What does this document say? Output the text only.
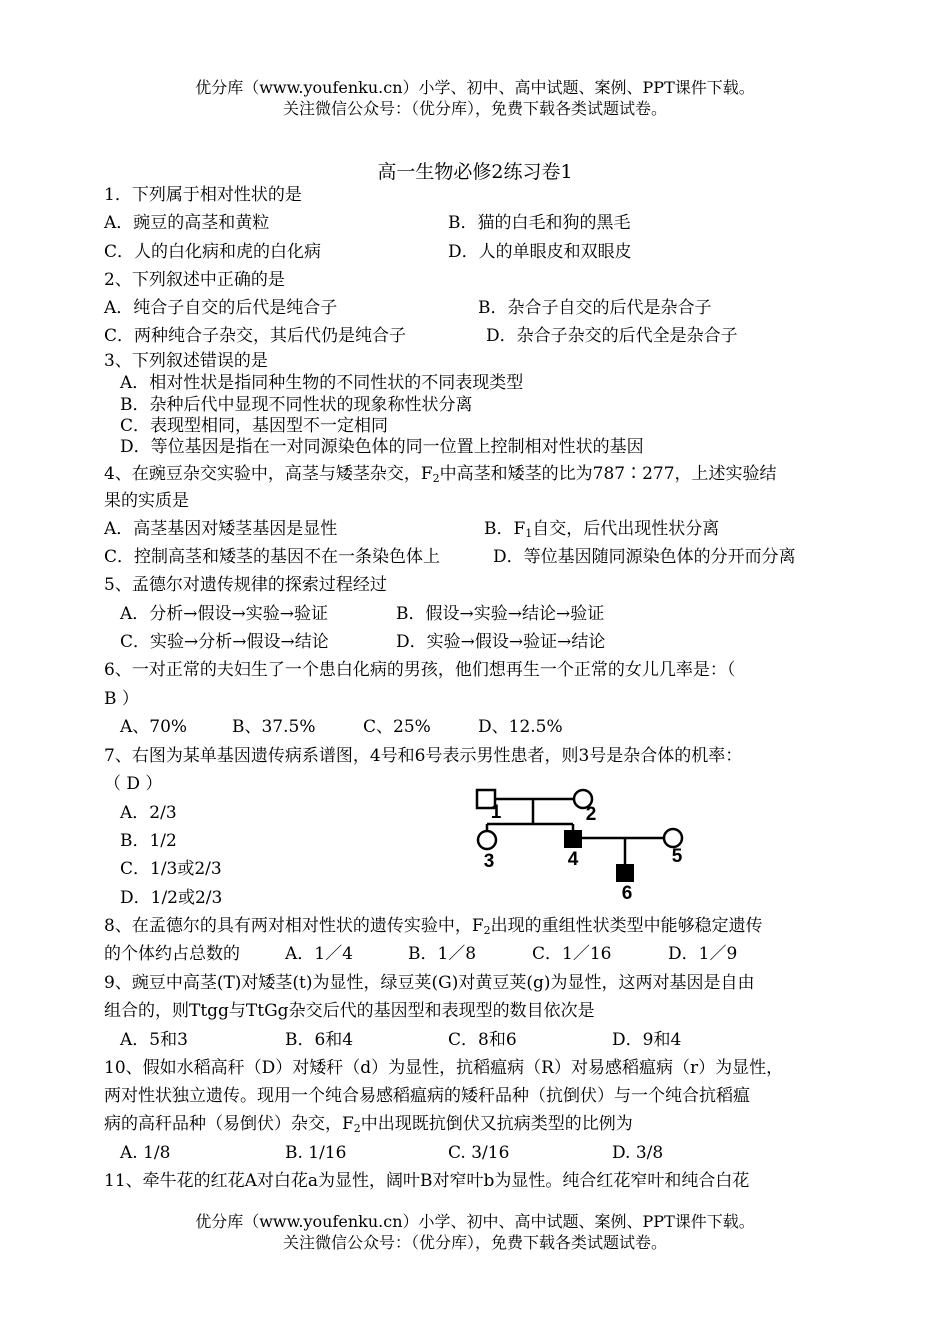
优分库（www.youfenku.cn）小学、初中、高中试题、案例、PPT课件下载。
关注微信公众号：（优分库），免费下载各类试题试卷。
高一生物必修2练习卷1
1．下列属于相对性状的是
A．豌豆的高茎和黄粒	B．猫的白毛和狗的黑毛
C．人的白化病和虎的白化病	D．人的单眼皮和双眼皮
2、下列叙述中正确的是
A．纯合子自交的后代是纯合子	B．杂合子自交的后代是杂合子
C．两种纯合子杂交，其后代仍是纯合子	D．杂合子杂交的后代全是杂合子
3、下列叙述错误的是
A．相对性状是指同种生物的不同性状的不同表现类型
B．杂种后代中显现不同性状的现象称性状分离
C．表现型相同，基因型不一定相同
D．等位基因是指在一对同源染色体的同一位置上控制相对性状的基因
4、在豌豆杂交实验中，高茎与矮茎杂交，$F_2$中高茎和矮茎的比为787∶277，上述实验结
果的实质是
A．高茎基因对矮茎基因是显性	B．$F_1$自交，后代出现性状分离
C．控制高茎和矮茎的基因不在一条染色体上	D．等位基因随同源染色体的分开而分离
5、孟德尔对遗传规律的探索过程经过
A．分析→假设→实验→验证	B．假设→实验→结论→验证
C．实验→分析→假设→结论	D．实验→假设→验证→结论
6、一对正常的夫妇生了一个患白化病的男孩，他们想再生一个正常的女儿几率是：（
B ）
A、70%	B、37.5%	C、25%	D、12.5%
7、右图为某单基因遗传病系谱图，4号和6号表示男性患者，则3号是杂合体的机率：
（ D ）
A．2/3
B．1/2
C．1/3或2/3
D．1/2或2/3
1	2
3	4	5
6
8、在孟德尔的具有两对相对性状的遗传实验中，$F_2$出现的重组性状类型中能够稳定遗传
的个体约占总数的	A．1／4	B．1／8	C．1／16	D．1／9
9、豌豆中高茎(T)对矮茎(t)为显性，绿豆荚(G)对黄豆荚(g)为显性，这两对基因是自由
组合的，则Ttgg与TtGg杂交后代的基因型和表现型的数目依次是
A．5和3	B．6和4	C．8和6	D．9和4
10、假如水稻高秆（D）对矮秆（d）为显性，抗稻瘟病（R）对易感稻瘟病（r）为显性，
两对性状独立遗传。现用一个纯合易感稻瘟病的矮秆品种（抗倒伏）与一个纯合抗稻瘟
病的高秆品种（易倒伏）杂交，$F_2$中出现既抗倒伏又抗病类型的比例为
A. 1/8	B. 1/16	C. 3/16	D. 3/8
11、牵牛花的红花A对白花a为显性，阔叶B对窄叶b为显性。纯合红花窄叶和纯合白花
优分库（www.youfenku.cn）小学、初中、高中试题、案例、PPT课件下载。
关注微信公众号：（优分库），免费下载各类试题试卷。
